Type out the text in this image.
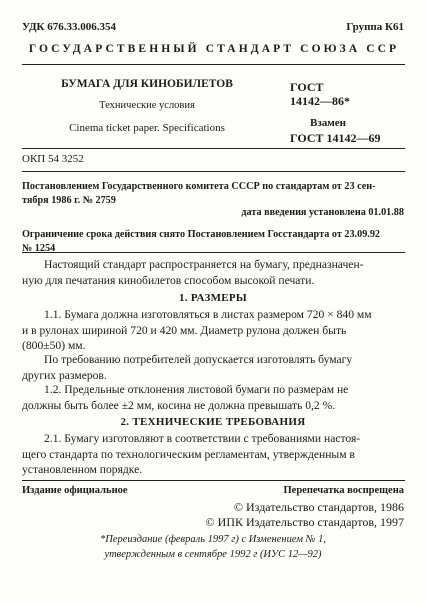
УДК 676.33.006.354	Группа К61
ГОСУДАРСТВЕННЫЙ СТАНДАРТ СОЮЗА ССР
БУМАГА ДЛЯ КИНОБИЛЕТОВ
Технические условия
Cinema ticket paper. Specifications
ГОСТ
14142—86*
Взамен
ГОСТ 14142—69
ОКП 54 3252
Постановлением Государственного комитета СССР по стандартам от 23 сен-
тября 1986 г. № 2759
дата введения установлена 01.01.88
Ограничение срока действия снято Постановлением Госстандарта от 23.09.92
№ 1254
Настоящий стандарт распространяется на бумагу, предназначен-
ную для печатания кинобилетов способом высокой печати.
1. РАЗМЕРЫ
1.1. Бумага должна изготовляться в листах размером 720 × 840 мм
и в рулонах шириной 720 и 420 мм. Диаметр рулона должен быть
(800±50) мм.
По требованию потребителей допускается изготовлять бумагу
других размеров.
1.2. Предельные отклонения листовой бумаги по размерам не
должны быть более ±2 мм, косина не должна превышать 0,2 %.
2. ТЕХНИЧЕСКИЕ ТРЕБОВАНИЯ
2.1. Бумагу изготовляют в соответствии с требованиями настоя-
щего стандарта по технологическим регламентам, утвержденным в
установленном порядке.
Издание официальное	Перепечатка воспрещена
© Издательство стандартов, 1986
© ИПК Издательство стандартов, 1997
*Переиздание (февраль 1997 г) с Изменением № 1,
утвержденным в сентябре 1992 г (ИУС 12—92)
